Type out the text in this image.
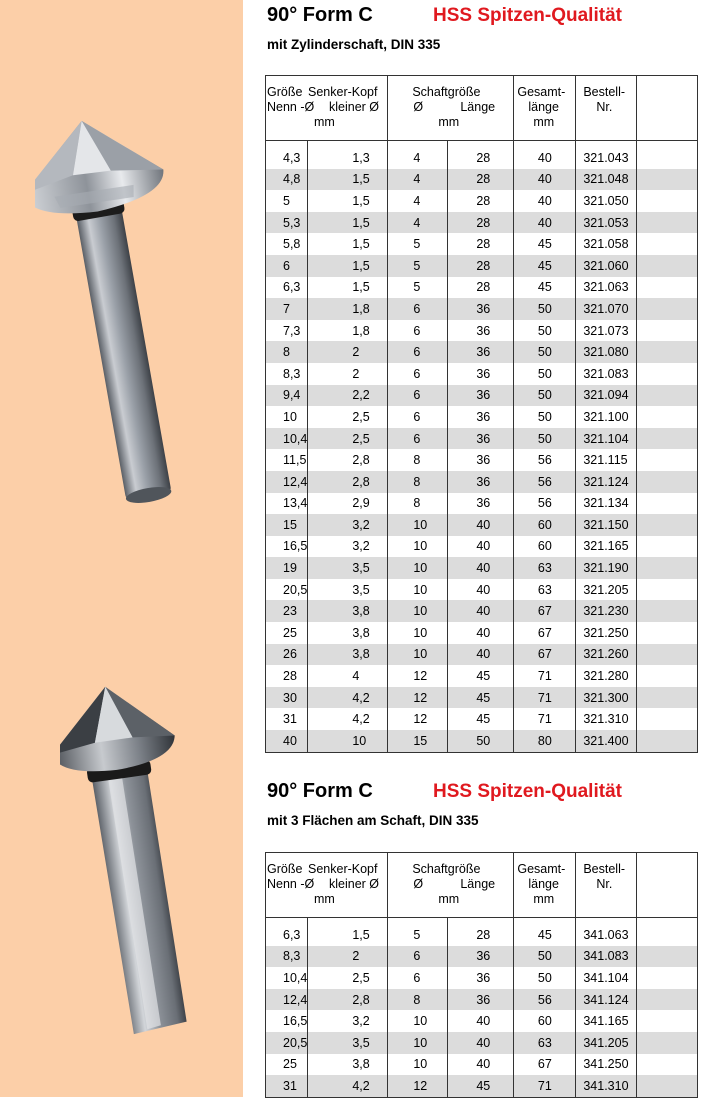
90° Form C	HSS Spitzen-Qualität
mit Zylinderschaft, DIN 335
Größe Senker-Kopf
Nenn -Ø kleiner Ø
mm		Schaftgröße
Ø Länge
mm		Gesamt-
länge
mm	Bestell-
Nr.	

4,3	1,3	4	28	40	321.043	
4,8	1,5	4	28	40	321.048	
5	1,5	4	28	40	321.050	
5,3	1,5	4	28	40	321.053	
5,8	1,5	5	28	45	321.058	
6	1,5	5	28	45	321.060	
6,3	1,5	5	28	45	321.063	
7	1,8	6	36	50	321.070	
7,3	1,8	6	36	50	321.073	
8	2	6	36	50	321.080	
8,3	2	6	36	50	321.083	
9,4	2,2	6	36	50	321.094	
10	2,5	6	36	50	321.100	
10,4	2,5	6	36	50	321.104	
11,5	2,8	8	36	56	321.115	
12,4	2,8	8	36	56	321.124	
13,4	2,9	8	36	56	321.134	
15	3,2	10	40	60	321.150	
16,5	3,2	10	40	60	321.165	
19	3,5	10	40	63	321.190	
20,5	3,5	10	40	63	321.205	
23	3,8	10	40	67	321.230	
25	3,8	10	40	67	321.250	
26	3,8	10	40	67	321.260	
28	4	12	45	71	321.280	
30	4,2	12	45	71	321.300	
31	4,2	12	45	71	321.310	
40	10	15	50	80	321.400	
90° Form C	HSS Spitzen-Qualität
mit 3 Flächen am Schaft, DIN 335
Größe Senker-Kopf
Nenn -Ø kleiner Ø
mm		Schaftgröße
Ø Länge
mm		Gesamt-
länge
mm	Bestell-
Nr.	

6,3	1,5	5	28	45	341.063	
8,3	2	6	36	50	341.083	
10,4	2,5	6	36	50	341.104	
12,4	2,8	8	36	56	341.124	
16,5	3,2	10	40	60	341.165	
20,5	3,5	10	40	63	341.205	
25	3,8	10	40	67	341.250	
31	4,2	12	45	71	341.310	
